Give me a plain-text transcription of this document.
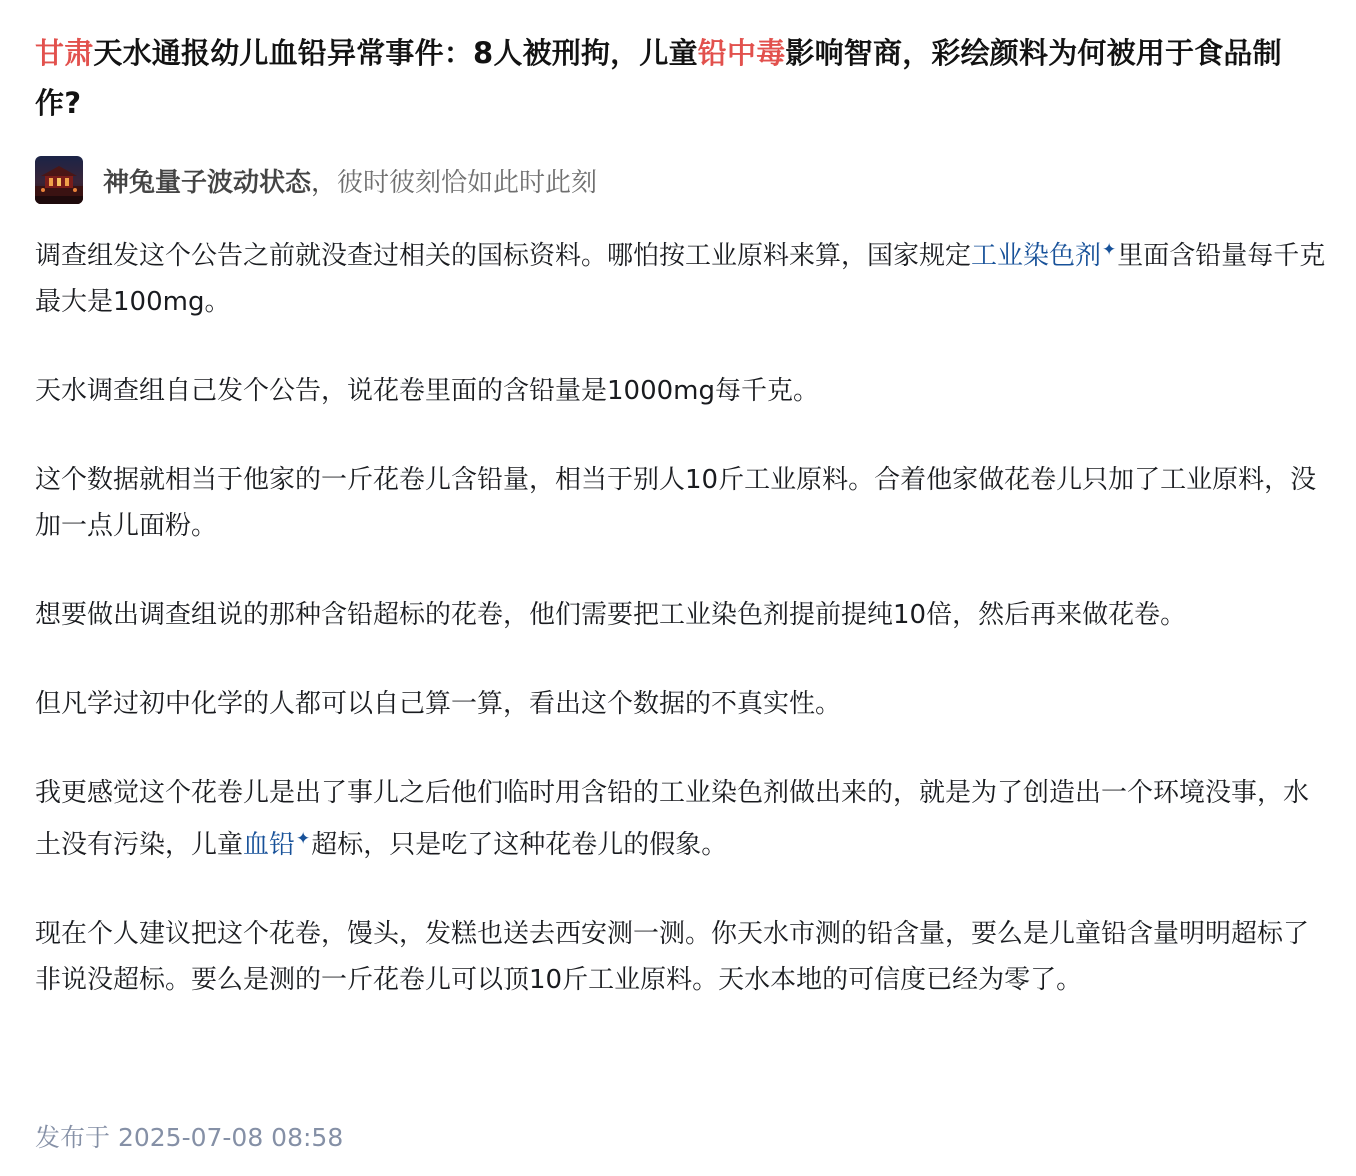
甘肃天水通报幼儿血铅异常事件：8人被刑拘，儿童铅中毒影响智商，彩绘颜料为何被用于食品制作?
神兔量子波动状态 ， 彼时彼刻恰如此时此刻

调查组发这个公告之前就没查过相关的国标资料。哪怕按工业原料来算，国家规定工业染色剂✦里面含铅量每千克最大是100mg。

天水调查组自己发个公告，说花卷里面的含铅量是1000mg每千克。

这个数据就相当于他家的一斤花卷儿含铅量，相当于别人10斤工业原料。合着他家做花卷儿只加了工业原料，没加一点儿面粉。

想要做出调查组说的那种含铅超标的花卷，他们需要把工业染色剂提前提纯10倍，然后再来做花卷。

但凡学过初中化学的人都可以自己算一算，看出这个数据的不真实性。

我更感觉这个花卷儿是出了事儿之后他们临时用含铅的工业染色剂做出来的，就是为了创造出一个环境没事，水土没有污染，儿童血铅✦超标，只是吃了这种花卷儿的假象。

现在个人建议把这个花卷，馒头，发糕也送去西安测一测。你天水市测的铅含量，要么是儿童铅含量明明超标了非说没超标。要么是测的一斤花卷儿可以顶10斤工业原料。天水本地的可信度已经为零了。

发布于 2025-07-08 08:58
